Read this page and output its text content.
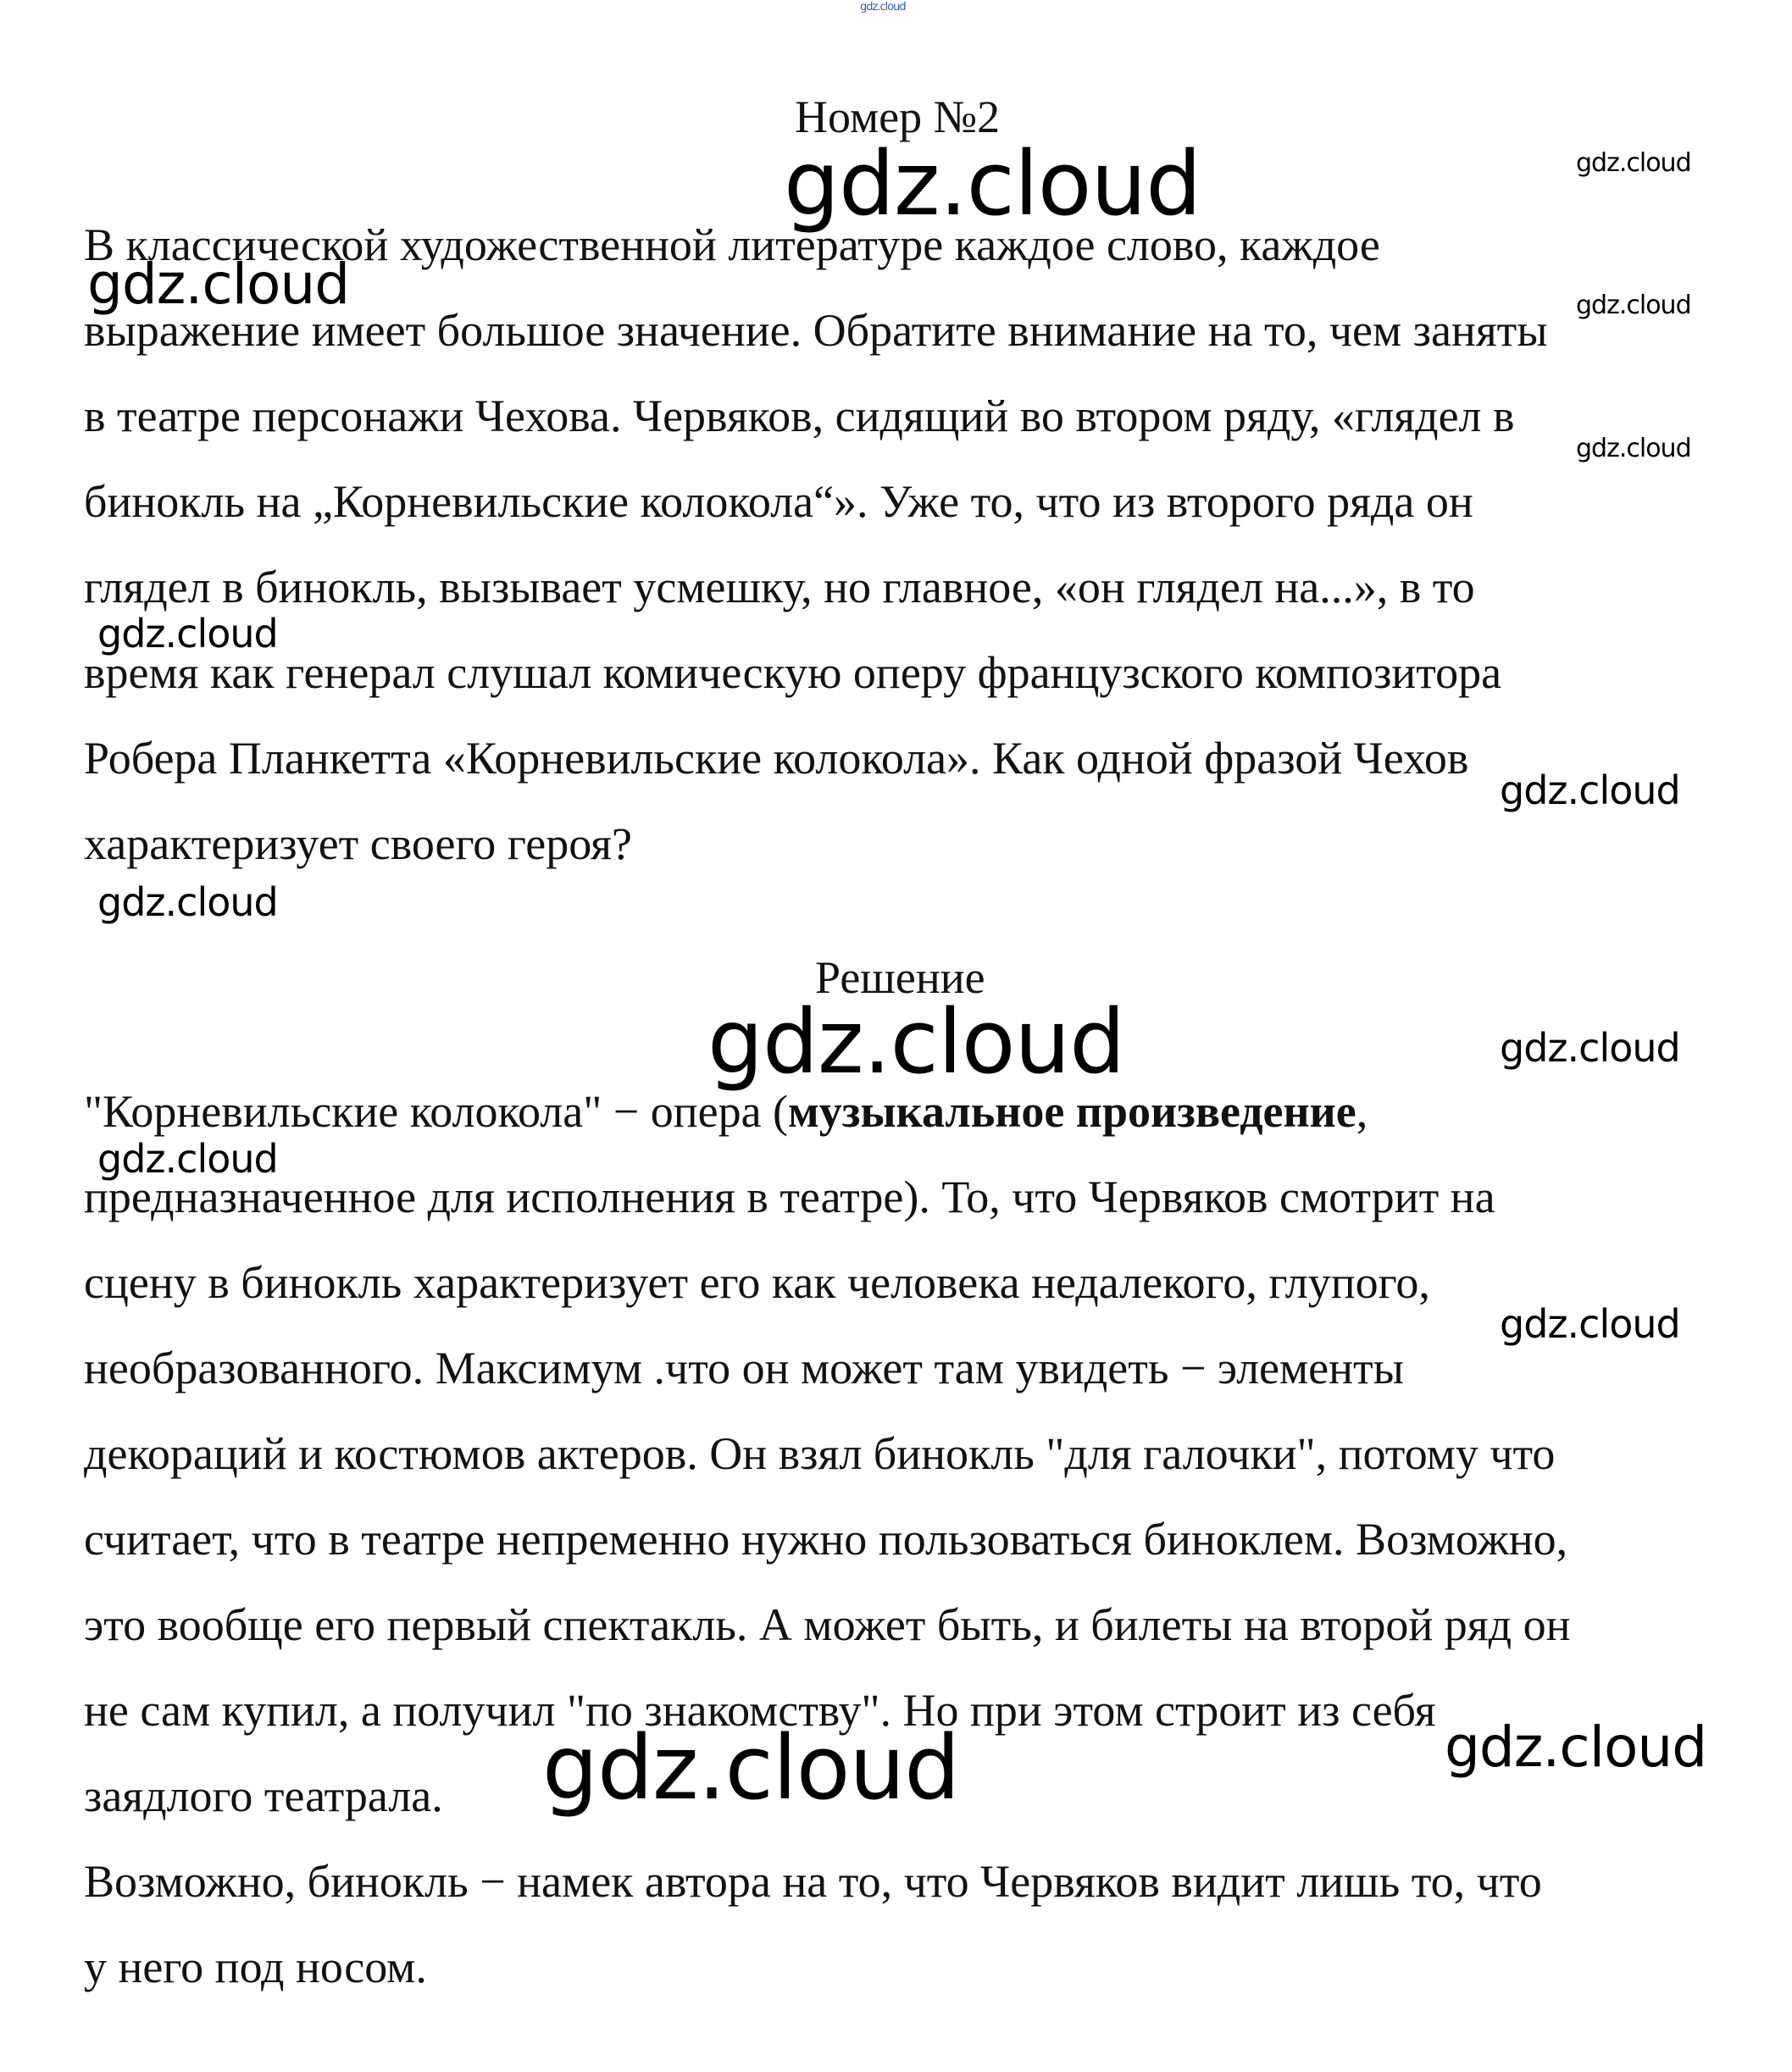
gdz.cloud
Номер №2

В классической художественной литературе каждое слово, каждое

выражение имеет большое значение. Обратите внимание на то, чем заняты

в театре персонажи Чехова. Червяков, сидящий во втором ряду, «глядел в

бинокль на „Корневильские колокола“». Уже то, что из второго ряда он

глядел в бинокль, вызывает усмешку, но главное, «он глядел на...», в то

время как генерал слушал комическую оперу французского композитора

Робера Планкетта «Корневильские колокола». Как одной фразой Чехов

характеризует своего героя?

Решение

"Корневильские колокола" − опера (музыкальное произведение,

предназначенное для исполнения в театре). То, что Червяков смотрит на

сцену в бинокль характеризует его как человека недалекого, глупого,

необразованного. Максимум .что он может там увидеть − элементы

декораций и костюмов актеров. Он взял бинокль "для галочки", потому что

считает, что в театре непременно нужно пользоваться биноклем. Возможно,

это вообще его первый спектакль. А может быть, и билеты на второй ряд он

не сам купил, а получил "по знакомству". Но при этом строит из себя

заядлого театрала.

Возможно, бинокль − намек автора на то, что Червяков видит лишь то, что

у него под носом.

gdz.cloud	gdz.cloud
gdz.cloud	gdz.cloud
gdz.cloud
gdz.cloud
gdz.cloud
gdz.cloud
gdz.cloud	gdz.cloud
gdz.cloud
gdz.cloud
gdz.cloud	gdz.cloud
